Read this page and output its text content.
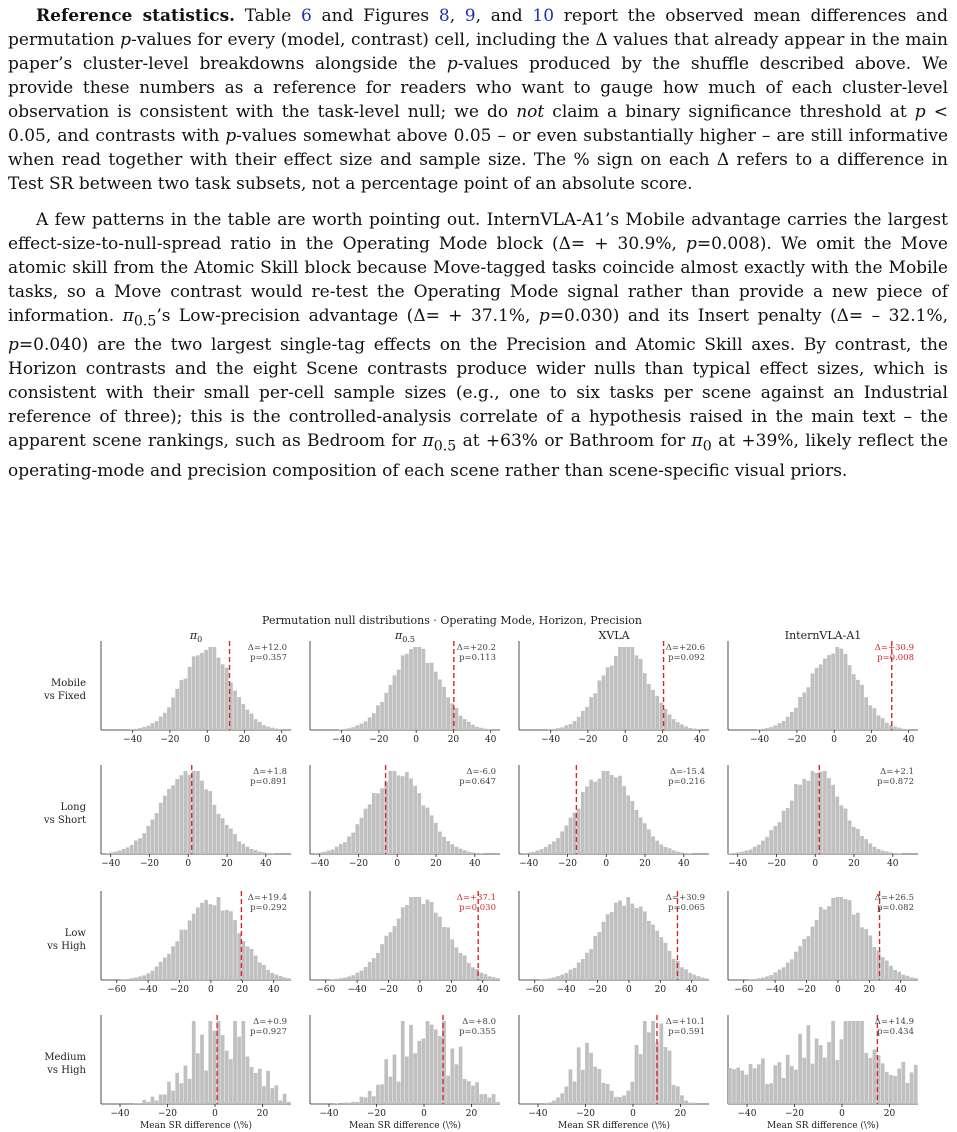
Reference statistics. Table 6 and Figures 8, 9, and 10 report the observed mean differences and permutation p-values for every (model, contrast) cell, including the Δ values that already appear in the main paper’s cluster-level breakdowns alongside the p-values produced by the shuffle described above. We provide these numbers as a reference for readers who want to gauge how much of each cluster-level observation is consistent with the task-level null; we do not claim a binary significance threshold at p < 0.05, and contrasts with p-values somewhat above 0.05 – or even substantially higher – are still informative when read together with their effect size and sample size. The % sign on each Δ refers to a difference in Test SR between two task subsets, not a percentage point of an absolute score.

A few patterns in the table are worth pointing out. InternVLA-A1’s Mobile advantage carries the largest effect-size-to-null-spread ratio in the Operating Mode block (Δ= + 30.9%, p=0.008). We omit the Move atomic skill from the Atomic Skill block because Move-tagged tasks coincide almost exactly with the Mobile tasks, so a Move contrast would re-test the Operating Mode signal rather than provide a new piece of information. $\pi_{0.5}’s$ Low-precision advantage (Δ= + 37.1%, p=0.030) and its Insert penalty (Δ= – 32.1%, p=0.040) are the two largest single-tag effects on the Precision and Atomic Skill axes. By contrast, the Horizon contrasts and the eight Scene contrasts produce wider nulls than typical effect sizes, which is consistent with their small per-cell sample sizes (e.g., one to six tasks per scene against an Industrial reference of three); this is the controlled-analysis correlate of a hypothesis raised in the main text – the apparent scene rankings, such as Bedroom for $\pi_{0.5}$ at +63% or Bathroom for $\pi_0$ at +39%, likely reflect the operating-mode and precision composition of each scene rather than scene-specific visual priors.

Permutation null distributions · Operating Mode, Horizon, Precision
$\pi_0$	$\pi_{0.5}$	XVLA	InternVLA-A1
Mobile
vs Fixed
Long
vs Short
Low
vs High
Medium
vs High
−40 −20	0	20	40
Δ=+12.0
p=0.357
−40 −20	0	20	40
Δ=+20.2
p=0.113
−40 −20	0	20	40
Δ=+20.6
p=0.092
−40 −20	0	20	40
Δ=+30.9
p=0.008
−40 −20	0	20	40
Δ=+1.8
p=0.891
−40 −20	0	20	40
Δ=-6.0
p=0.647
−40 −20	0	20	40
Δ=-15.4
p=0.216
−40 −20	0	20	40
Δ=+2.1
p=0.872
−60 −40 −20 0	20 40
Δ=+19.4
p=0.292
−60 −40 −20 0	20 40
Δ=+37.1
p=0.030
−60 −40 −20 0	20 40
Δ=+30.9
p=0.065
−60 −40 −20 0	20 40
Δ=+26.5
p=0.082
−40	−20	0	20
Δ=+0.9
p=0.927
Mean SR difference (\%)
−40	−20	0	20
Δ=+8.0
p=0.355
Mean SR difference (\%)
−40	−20	0	20
Δ=+10.1
p=0.591
Mean SR difference (\%)
−40	−20	0	20
Δ=+14.9
p=0.434
Mean SR difference (\%)
